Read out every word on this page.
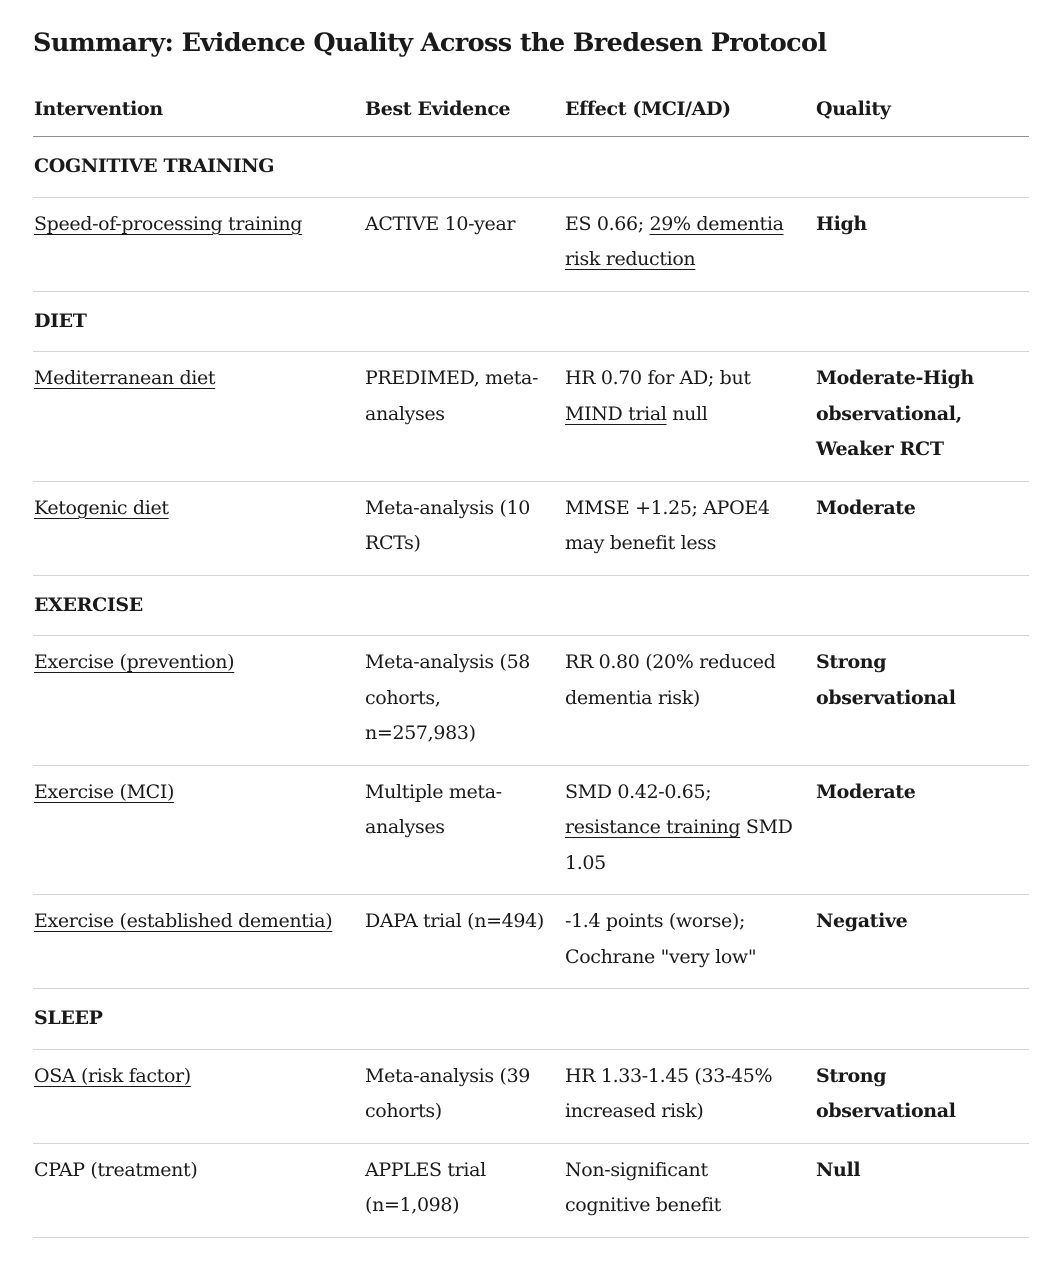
Summary: Evidence Quality Across the Bredesen Protocol
Intervention	Best Evidence	Effect (MCI/AD)	Quality
COGNITIVE TRAINING			
Speed-of-processing training	ACTIVE 10-year	ES 0.66; 29% dementia risk reduction	High
DIET			
Mediterranean diet	PREDIMED, meta-analyses	HR 0.70 for AD; but MIND trial null	Moderate-High observational, Weaker RCT
Ketogenic diet	Meta-analysis (10 RCTs)	MMSE +1.25; APOE4 may benefit less	Moderate
EXERCISE			
Exercise (prevention)	Meta-analysis (58 cohorts, n=257,983)	RR 0.80 (20% reduced dementia risk)	Strong observational
Exercise (MCI)	Multiple meta-analyses	SMD 0.42-0.65; resistance training SMD 1.05	Moderate
Exercise (established dementia)	DAPA trial (n=494)	-1.4 points (worse); Cochrane "very low"	Negative
SLEEP			
OSA (risk factor)	Meta-analysis (39 cohorts)	HR 1.33-1.45 (33-45% increased risk)	Strong observational
CPAP (treatment)	APPLES trial (n=1,098)	Non-significant cognitive benefit	Null
